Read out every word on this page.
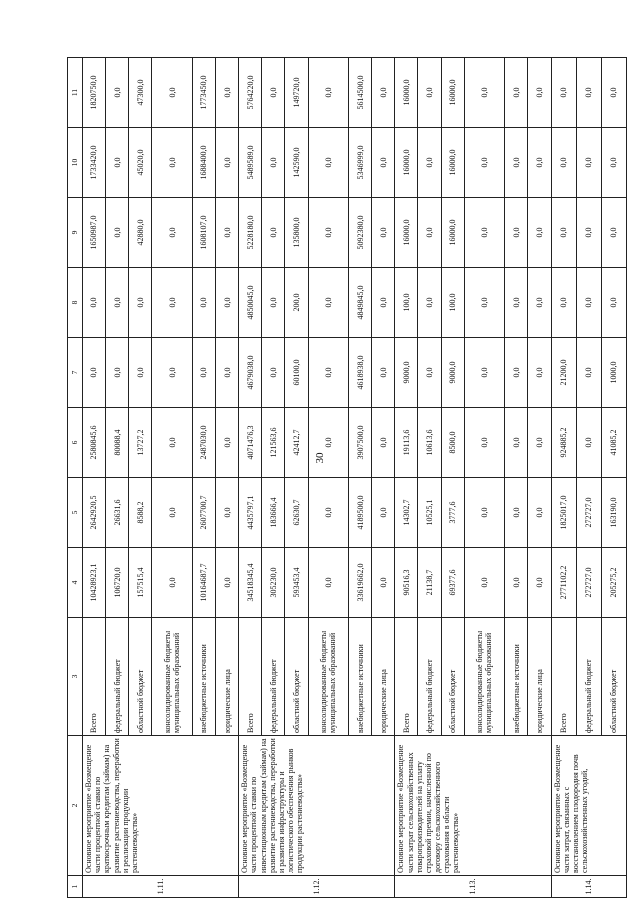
30
1	2	3	4	5	6	7	8	9	10	11
1.11.	Основное мероприятие «Возмещение части процентной ставки по краткосрочным кредитам (займам) на развитие растениеводства, переработки и реализации продукции растениеводства»	Всего	10428923,1	2642920,5	2580845,6	0,0	0,0	1650987,0	1733420,0	1820750,0
		федеральный бюджет	106720,0	26631,6	80088,4	0,0	0,0	0,0	0,0	0,0
		областной бюджет	157515,4	8588,2	13727,2	0,0	0,0	42880,0	45020,0	47300,0
		консолидированные бюджеты муниципальных образований	0,0	0,0	0,0	0,0	0,0	0,0	0,0	0,0
		внебюджетные источники	10164687,7	2607700,7	2487030,0	0,0	0,0	1608107,0	1688400,0	1773450,0
		юридические лица	0,0	0,0	0,0	0,0	0,0	0,0	0,0	0,0
1.12.	Основное мероприятие «Возмещение части процентной ставки по инвестиционным кредитам (займам) на развитие растениеводства, переработки и развития инфраструктуры и логистического обеспечения рынков продукции растениеводства»	Всего	34518345,4	4435797,1	4071476,3	4679038,0	4850045,0	5228180,0	5489589,0	5764220,0
		федеральный бюджет	305230,0	183666,4	121563,6	0,0	0,0	0,0	0,0	0,0
		областной бюджет	593453,4	62630,7	42412,7	60100,0	200,0	135800,0	142590,0	149720,0
		консолидированные бюджеты муниципальных образований	0,0	0,0	0,0	0,0	0,0	0,0	0,0	0,0
		внебюджетные источники	33619662,0	4189500,0	3907500,0	4618938,0	4849845,0	5092380,0	5346999,0	5614500,0
		юридические лица	0,0	0,0	0,0	0,0	0,0	0,0	0,0	0,0
1.13.	Основное мероприятие «Возмещение части затрат сельскохозяйственных товаропроизводителей на уплату страховой премии, начисленной по договору сельскохозяйственного страхования в области растениеводства»	Всего	90516,3	14302,7	19113,6	9000,0	100,0	16000,0	16000,0	16000,0
		федеральный бюджет	21138,7	10525,1	10613,6	0,0	0,0	0,0	0,0	0,0
		областной бюджет	69377,6	3777,6	8500,0	9000,0	100,0	16000,0	16000,0	16000,0
		консолидированные бюджеты муниципальных образований	0,0	0,0	0,0	0,0	0,0	0,0	0,0	0,0
		внебюджетные источники	0,0	0,0	0,0	0,0	0,0	0,0	0,0	0,0
		юридические лица	0,0	0,0	0,0	0,0	0,0	0,0	0,0	0,0
1.14.	Основное мероприятие «Возмещение части затрат, связанных с восстановлением плодородия почв сельскохозяйственных угодий,	Всего	2771102,2	1825017,0	924885,2	21200,0	0,0	0,0	0,0	0,0
		федеральный бюджет	272727,0	272727,0	0,0	0,0	0,0	0,0	0,0	0,0
		областной бюджет	205275,2	163190,0	41085,2	1000,0	0,0	0,0	0,0	0,0
